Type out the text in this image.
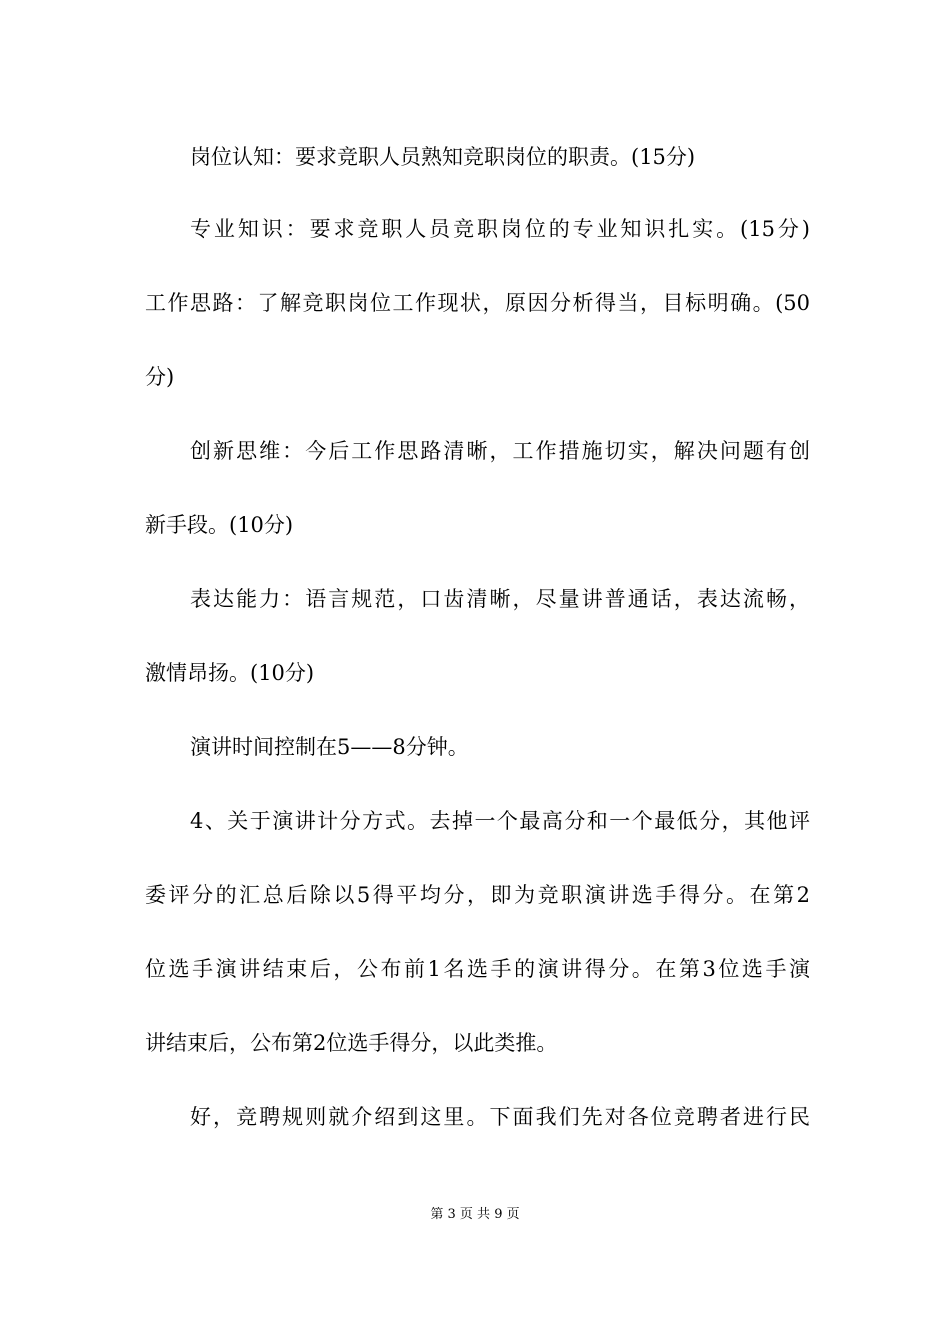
岗位认知：要求竞职人员熟知竞职岗位的职责。(15分)
专业知识：要求竞职人员竞职岗位的专业知识扎实。(15分)
工作思路：了解竞职岗位工作现状，原因分析得当，目标明确。(50
分)
创新思维：今后工作思路清晰，工作措施切实，解决问题有创
新手段。(10分)
表达能力：语言规范，口齿清晰，尽量讲普通话，表达流畅，
激情昂扬。(10分)
演讲时间控制在5——8分钟。
4、关于演讲计分方式。去掉一个最高分和一个最低分，其他评
委评分的汇总后除以5得平均分，即为竞职演讲选手得分。在第2
位选手演讲结束后，公布前1名选手的演讲得分。在第3位选手演
讲结束后，公布第2位选手得分，以此类推。
好，竞聘规则就介绍到这里。下面我们先对各位竞聘者进行民
第 3 页 共 9 页
